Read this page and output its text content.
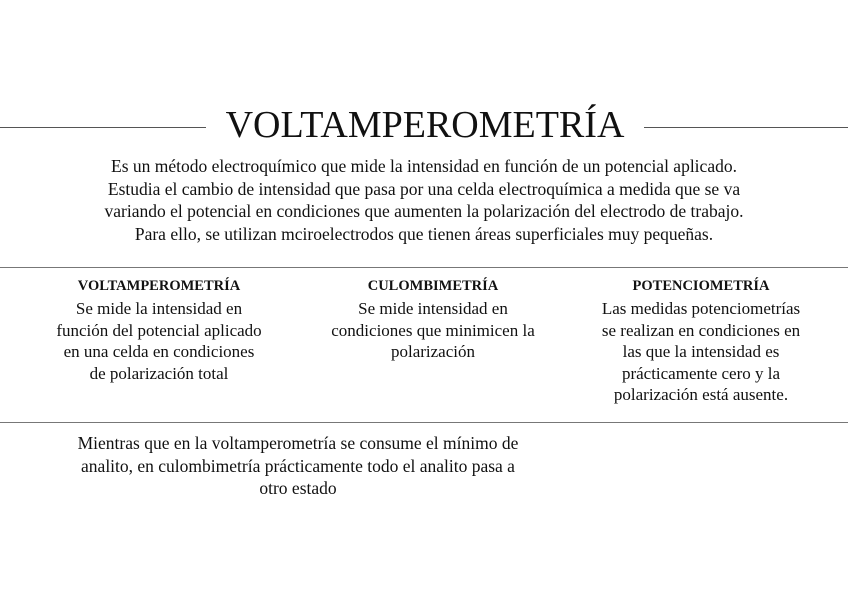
VOLTAMPEROMETRÍA

Es un método electroquímico que mide la intensidad en función de un potencial aplicado.

Estudia el cambio de intensidad que pasa por una celda electroquímica a medida que se va

variando el potencial en condiciones que aumenten la polarización del electrodo de trabajo.

Para ello, se utilizan mciroelectrodos que tienen áreas superficiales muy pequeñas.

VOLTAMPEROMETRÍA
Se mide la intensidad en
función del potencial aplicado
en una celda en condiciones
de polarización total
CULOMBIMETRÍA
Se mide intensidad en
condiciones que minimicen la
polarización
POTENCIOMETRÍA
Las medidas potenciometrías
se realizan en condiciones en
las que la intensidad es
prácticamente cero y la
polarización está ausente.
Mientras que en la voltamperometría se consume el mínimo de
analito, en culombimetría prácticamente todo el analito pasa a
otro estado
